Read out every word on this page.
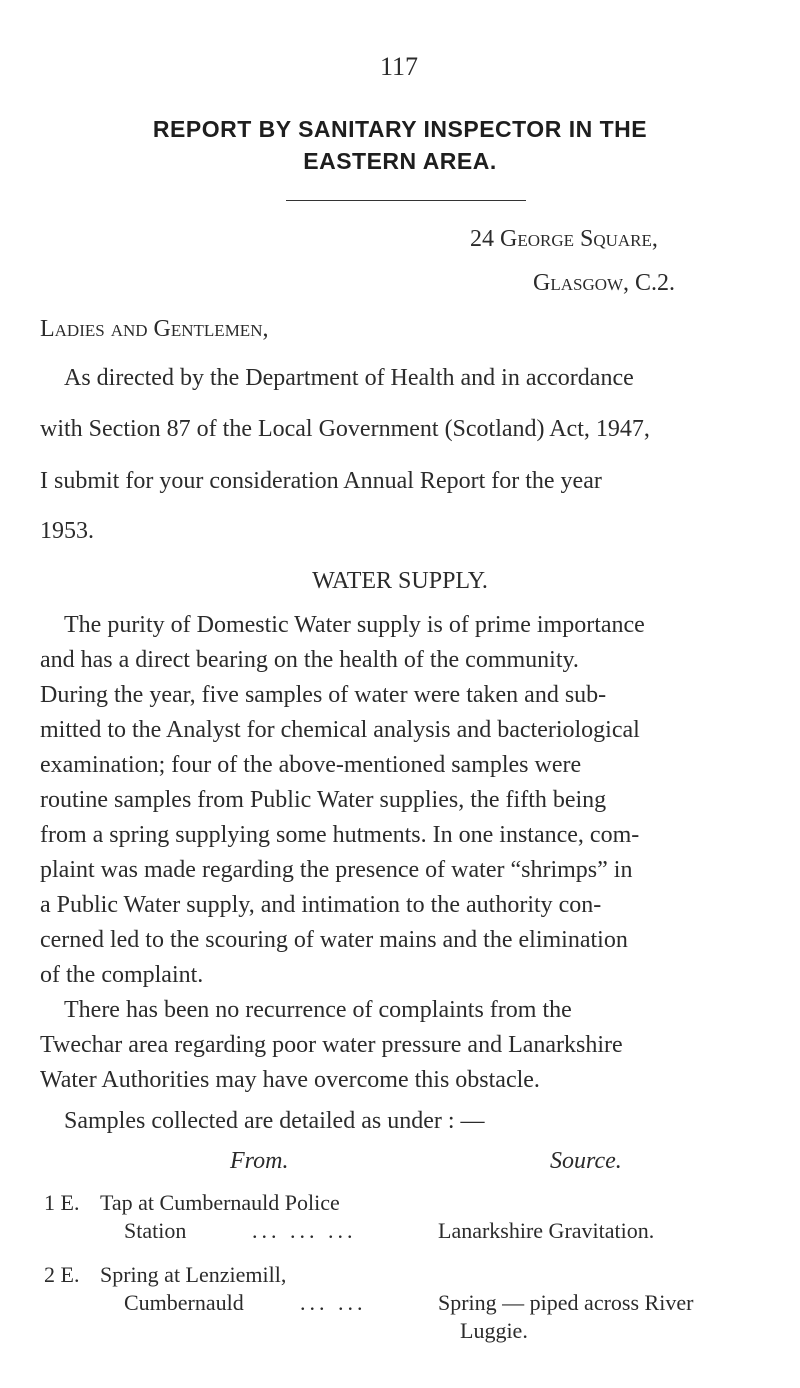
117
REPORT BY SANITARY INSPECTOR IN THE
EASTERN AREA.
24 George Square,
Glasgow, C.2.
Ladies and Gentlemen,
As directed by the Department of Health and in accordance
with Section 87 of the Local Government (Scotland) Act, 1947,
I submit for your consideration Annual Report for the year
1953.
WATER SUPPLY.
The purity of Domestic Water supply is of prime importance
and has a direct bearing on the health of the community.
During the year, five samples of water were taken and sub-
mitted to the Analyst for chemical analysis and bacteriological
examination; four of the above-mentioned samples were
routine samples from Public Water supplies, the fifth being
from a spring supplying some hutments. In one instance, com-
plaint was made regarding the presence of water “shrimps” in
a Public Water supply, and intimation to the authority con-
cerned led to the scouring of water mains and the elimination
of the complaint.
There has been no recurrence of complaints from the
Twechar area regarding poor water pressure and Lanarkshire
Water Authorities may have overcome this obstacle.
Samples collected are detailed as under : —
From.	Source.
1 E. Tap at Cumbernauld Police
Station	... ... ...	Lanarkshire Gravitation.
2 E. Spring at Lenziemill,
Cumbernauld	... ...	Spring — piped across River
Luggie.
